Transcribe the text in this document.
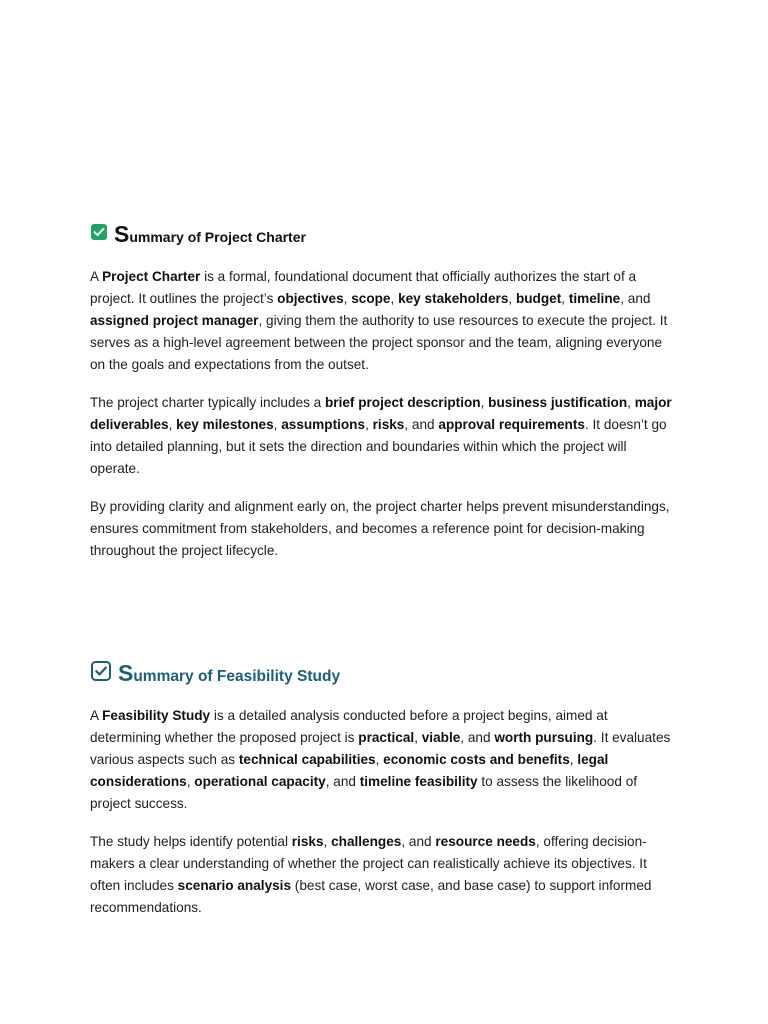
Summary of Project Charter

A Project Charter is a formal, foundational document that officially authorizes the start of a project. It outlines the project’s objectives, scope, key stakeholders, budget, timeline, and assigned project manager, giving them the authority to use resources to execute the project. It serves as a high-level agreement between the project sponsor and the team, aligning everyone on the goals and expectations from the outset.

The project charter typically includes a brief project description, business justification, major deliverables, key milestones, assumptions, risks, and approval requirements. It doesn’t go into detailed planning, but it sets the direction and boundaries within which the project will operate.

By providing clarity and alignment early on, the project charter helps prevent misunderstandings, ensures commitment from stakeholders, and becomes a reference point for decision-making throughout the project lifecycle.

Summary of Feasibility Study

A Feasibility Study is a detailed analysis conducted before a project begins, aimed at determining whether the proposed project is practical, viable, and worth pursuing. It evaluates various aspects such as technical capabilities, economic costs and benefits, legal considerations, operational capacity, and timeline feasibility to assess the likelihood of project success.

The study helps identify potential risks, challenges, and resource needs, offering decision-makers a clear understanding of whether the project can realistically achieve its objectives. It often includes scenario analysis (best case, worst case, and base case) to support informed recommendations.
